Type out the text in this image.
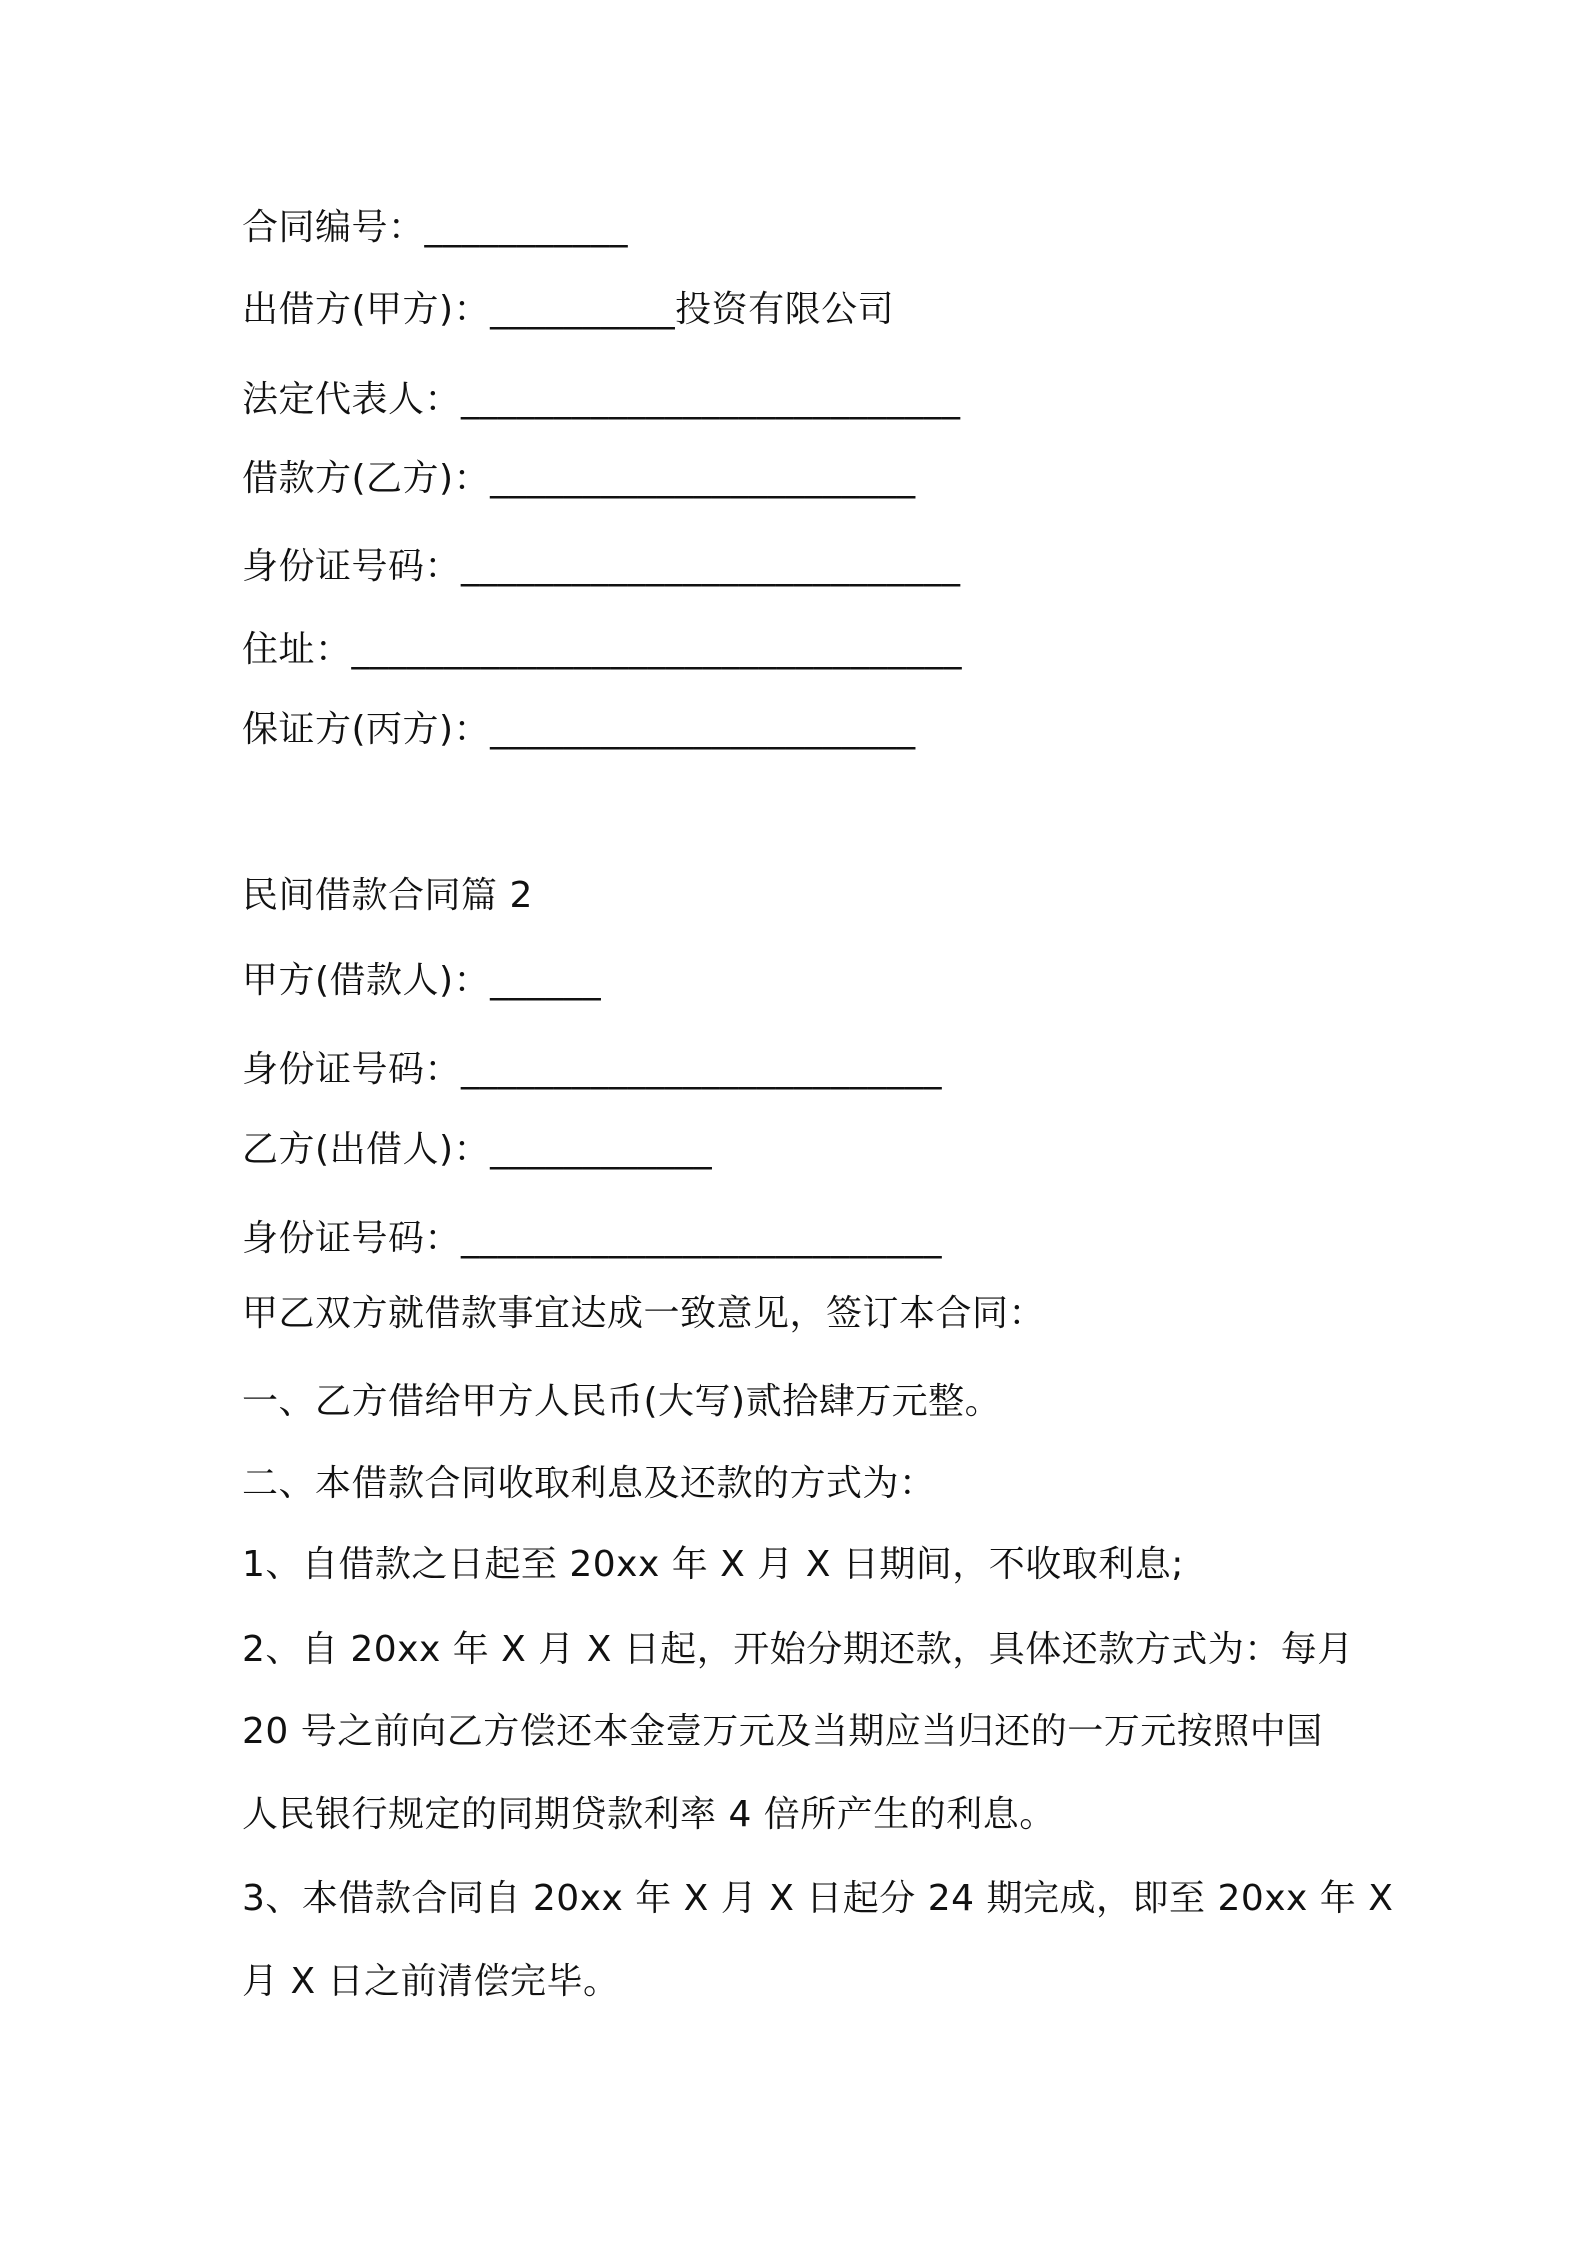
合同编号：___________

出借方(甲方)：__________投资有限公司

法定代表人：___________________________

借款方(乙方)：_______________________

身份证号码：___________________________

住址：_________________________________

保证方(丙方)：_______________________

民间借款合同篇 2

甲方(借款人)：______

身份证号码：__________________________

乙方(出借人)：____________

身份证号码：__________________________

甲乙双方就借款事宜达成一致意见，签订本合同：

一、乙方借给甲方人民币(大写)贰拾肆万元整。

二、本借款合同收取利息及还款的方式为：

1、自借款之日起至 20xx 年 X 月 X 日期间，不收取利息;

2、自 20xx 年 X 月 X 日起，开始分期还款，具体还款方式为：每月

20 号之前向乙方偿还本金壹万元及当期应当归还的一万元按照中国

人民银行规定的同期贷款利率 4 倍所产生的利息。

3、本借款合同自 20xx 年 X 月 X 日起分 24 期完成，即至 20xx 年 X

月 X 日之前清偿完毕。
